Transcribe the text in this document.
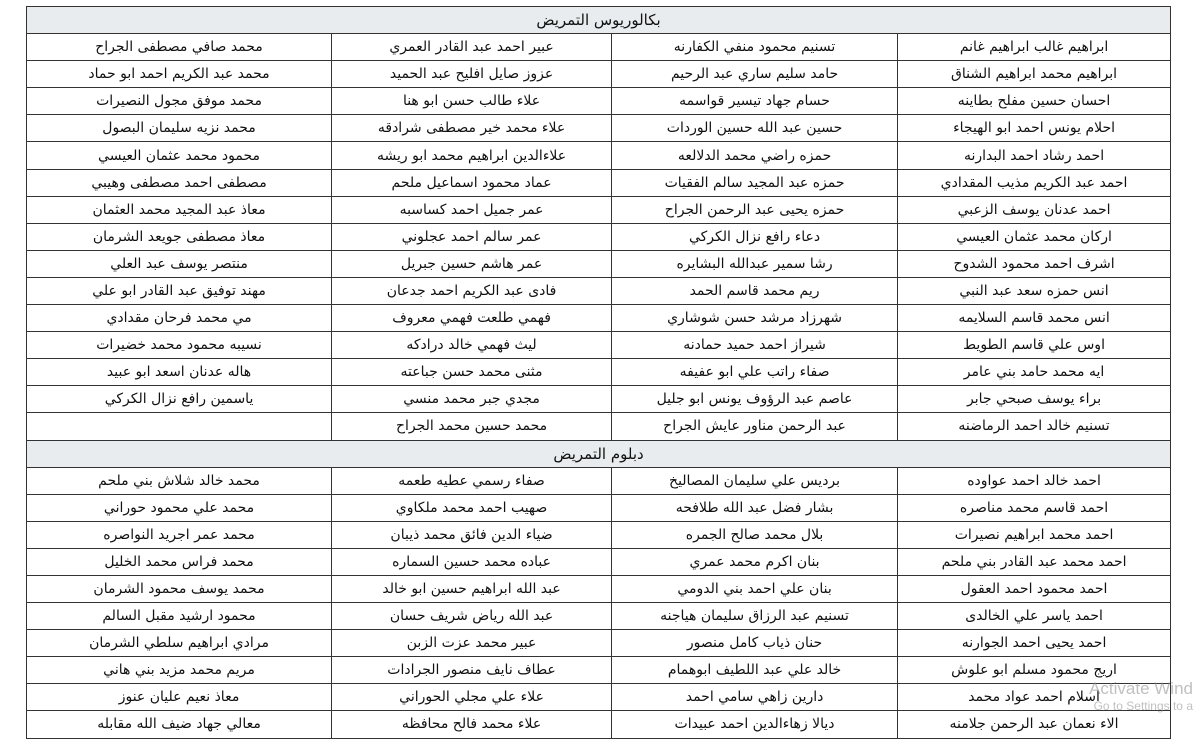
بكالوريوس التمريض			
ابراهيم غالب ابراهيم غانم	تسنيم محمود منفي الكفارنه	عبير احمد عبد القادر العمري	محمد صافي مصطفى الجراح
ابراهيم محمد ابراهيم الشناق	حامد سليم ساري عبد الرحيم	عزوز صايل افليح عبد الحميد	محمد عبد الكريم احمد ابو حماد
احسان حسين مفلح بطاينه	حسام جهاد تيسير قواسمه	علاء طالب حسن ابو هنا	محمد موفق مجول النصيرات
احلام يونس احمد ابو الهيجاء	حسين عبد الله حسين الوردات	علاء محمد خير مصطفى شرادقه	محمد نزيه سليمان البصول
احمد رشاد احمد البدارنه	حمزه راضي محمد الدلالعه	علاءالدين ابراهيم محمد ابو ريشه	محمود محمد عثمان العيسي
احمد عبد الكريم مذيب المقدادي	حمزه عبد المجيد سالم الفقيات	عماد محمود اسماعيل ملحم	مصطفى احمد مصطفى وهيبي
احمد عدنان يوسف الزعبي	حمزه يحيى عبد الرحمن الجراح	عمر جميل احمد كساسبه	معاذ عبد المجيد محمد العثمان
اركان محمد عثمان العيسي	دعاء رافع نزال الكركي	عمر سالم احمد عجلوني	معاذ مصطفى جويعد الشرمان
اشرف احمد محمود الشدوح	رشا سمير عبدالله البشايره	عمر هاشم حسين جبريل	منتصر يوسف عبد العلي
انس حمزه سعد عبد النبي	ريم محمد قاسم الحمد	فادى عبد الكريم احمد جدعان	مهند توفيق عبد القادر ابو علي
انس محمد قاسم السلايمه	شهرزاد مرشد حسن شوشاري	فهمي طلعت فهمي معروف	مي محمد فرحان مقدادي
اوس علي قاسم الطويط	شيراز احمد حميد حمادنه	ليث فهمي خالد درادكه	نسيبه محمود محمد خضيرات
ايه محمد حامد بني عامر	صفاء راتب علي ابو عفيفه	مثنى محمد حسن جباعته	هاله عدنان اسعد ابو عبيد
براء يوسف صبحي جابر	عاصم عبد الرؤوف يونس ابو جليل	مجدي جبر محمد منسي	ياسمين رافع نزال الكركي
تسنيم خالد احمد الرماضنه	عبد الرحمن مناور عايش الجراح	محمد حسين محمد الجراح	
دبلوم التمريض			
احمد خالد احمد عواوده	برديس علي سليمان المصاليخ	صفاء رسمي عطيه طعمه	محمد خالد شلاش بني ملحم
احمد قاسم محمد مناصره	بشار فضل عبد الله طلافحه	صهيب احمد محمد ملكاوي	محمد علي محمود حوراني
احمد محمد ابراهيم نصيرات	بلال محمد صالح الجمره	ضياء الدين فائق محمد ذيبان	محمد عمر اجريد النواصره
احمد محمد عبد القادر بني ملحم	بنان اكرم محمد عمري	عباده محمد حسين السماره	محمد فراس محمد الخليل
احمد محمود احمد العقول	بنان علي احمد بني الدومي	عبد الله ابراهيم حسين ابو خالد	محمد يوسف محمود الشرمان
احمد ياسر علي الخالدى	تسنيم عبد الرزاق سليمان هياجنه	عبد الله رياض شريف حسان	محمود ارشيد مقبل السالم
احمد يحيى احمد الجوارنه	حنان ذياب كامل منصور	عبير محمد عزت الزبن	مرادي ابراهيم سلطي الشرمان
اريج محمود مسلم ابو علوش	خالد علي عبد اللطيف ابوهمام	عطاف نايف منصور الجرادات	مريم محمد مزيد بني هاني
اسلام احمد عواد محمد	دارين زاهي سامي احمد	علاء علي مجلي الحوراني	معاذ نعيم عليان عنوز
الاء نعمان عبد الرحمن جلامنه	ديالا زهاءالدين احمد عبيدات	علاء محمد فالح محافظه	معالي جهاد ضيف الله مقابله
Activate Wind
Go to Settings to a
